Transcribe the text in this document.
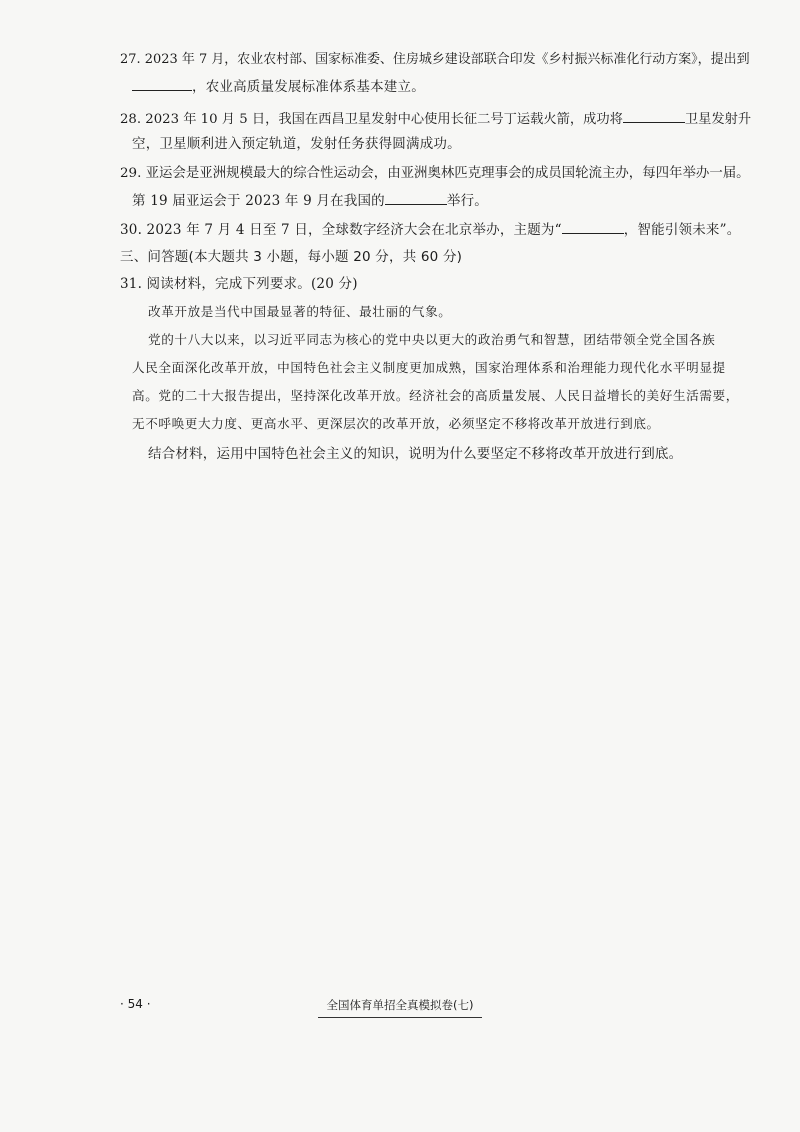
27. 2023 年 7 月，农业农村部、国家标准委、住房城乡建设部联合印发《乡村振兴标准化行动方案》，提出到
，农业高质量发展标准体系基本建立。
28. 2023 年 10 月 5 日，我国在西昌卫星发射中心使用长征二号丁运载火箭，成功将	卫星发射升
空，卫星顺利进入预定轨道，发射任务获得圆满成功。
29. 亚运会是亚洲规模最大的综合性运动会，由亚洲奥林匹克理事会的成员国轮流主办，每四年举办一届。
第 19 届亚运会于 2023 年 9 月在我国的	举行。
30. 2023 年 7 月 4 日至 7 日，全球数字经济大会在北京举办，主题为“	，智能引领未来”。
三、问答题(本大题共 3 小题，每小题 20 分，共 60 分)
31. 阅读材料，完成下列要求。(20 分)
改革开放是当代中国最显著的特征、最壮丽的气象。
党的十八大以来，以习近平同志为核心的党中央以更大的政治勇气和智慧，团结带领全党全国各族
人民全面深化改革开放，中国特色社会主义制度更加成熟，国家治理体系和治理能力现代化水平明显提
高。党的二十大报告提出，坚持深化改革开放。经济社会的高质量发展、人民日益增长的美好生活需要，
无不呼唤更大力度、更高水平、更深层次的改革开放，必须坚定不移将改革开放进行到底。
结合材料，运用中国特色社会主义的知识，说明为什么要坚定不移将改革开放进行到底。
· 54 ·	全国体育单招全真模拟卷(七)
